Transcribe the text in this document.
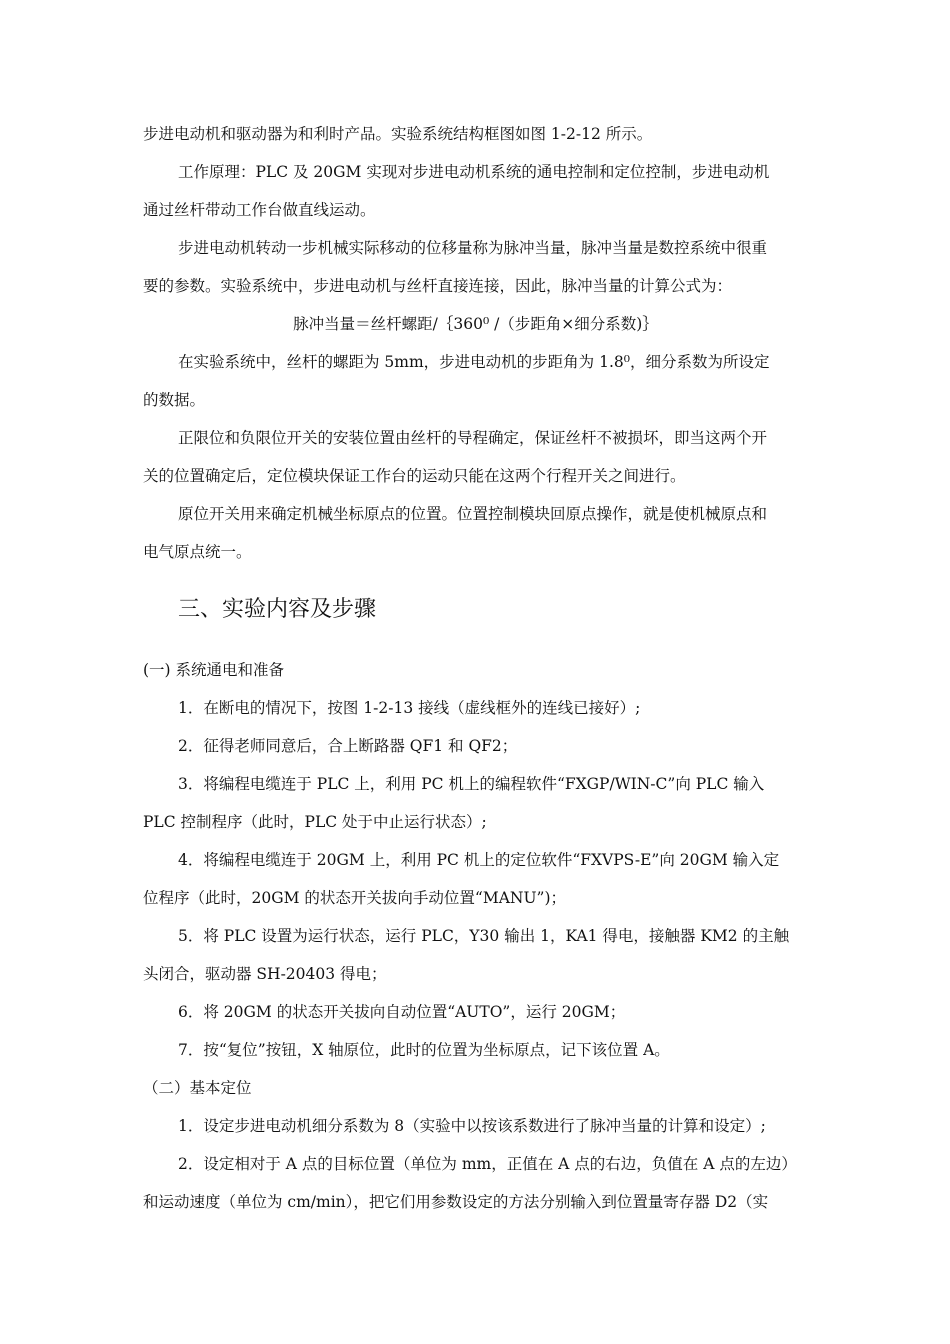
步进电动机和驱动器为和利时产品。实验系统结构框图如图 1-2-12 所示。
工作原理：PLC 及 20GM 实现对步进电动机系统的通电控制和定位控制，步进电动机
通过丝杆带动工作台做直线运动。
步进电动机转动一步机械实际移动的位移量称为脉冲当量，脉冲当量是数控系统中很重
要的参数。实验系统中，步进电动机与丝杆直接连接，因此，脉冲当量的计算公式为：
脉冲当量＝丝杆螺距/｛360⁰ /（步距角×细分系数)｝
在实验系统中，丝杆的螺距为 5mm，步进电动机的步距角为 1.8⁰，细分系数为所设定
的数据。
正限位和负限位开关的安装位置由丝杆的导程确定，保证丝杆不被损坏，即当这两个开
关的位置确定后，定位模块保证工作台的运动只能在这两个行程开关之间进行。
原位开关用来确定机械坐标原点的位置。位置控制模块回原点操作，就是使机械原点和
电气原点统一。
三、实验内容及步骤
(一) 系统通电和准备
1．在断电的情况下，按图 1-2-13 接线（虚线框外的连线已接好）;
2．征得老师同意后，合上断路器 QF1 和 QF2；
3．将编程电缆连于 PLC 上，利用 PC 机上的编程软件“FXGP/WIN-C”向 PLC 输入
PLC 控制程序（此时，PLC 处于中止运行状态）;
4．将编程电缆连于 20GM 上，利用 PC 机上的定位软件“FXVPS-E”向 20GM 输入定
位程序（此时，20GM 的状态开关拔向手动位置“MANU”)；
5．将 PLC 设置为运行状态，运行 PLC，Y30 输出 1，KA1 得电，接触器 KM2 的主触
头闭合，驱动器 SH-20403 得电；
6．将 20GM 的状态开关拔向自动位置“AUTO”，运行 20GM；
7．按“复位”按钮，X 轴原位，此时的位置为坐标原点，记下该位置 A。
（二）基本定位
1．设定步进电动机细分系数为 8（实验中以按该系数进行了脉冲当量的计算和设定）;
2．设定相对于 A 点的目标位置（单位为 mm，正值在 A 点的右边，负值在 A 点的左边）
和运动速度（单位为 cm/min），把它们用参数设定的方法分别输入到位置量寄存器 D2（实
